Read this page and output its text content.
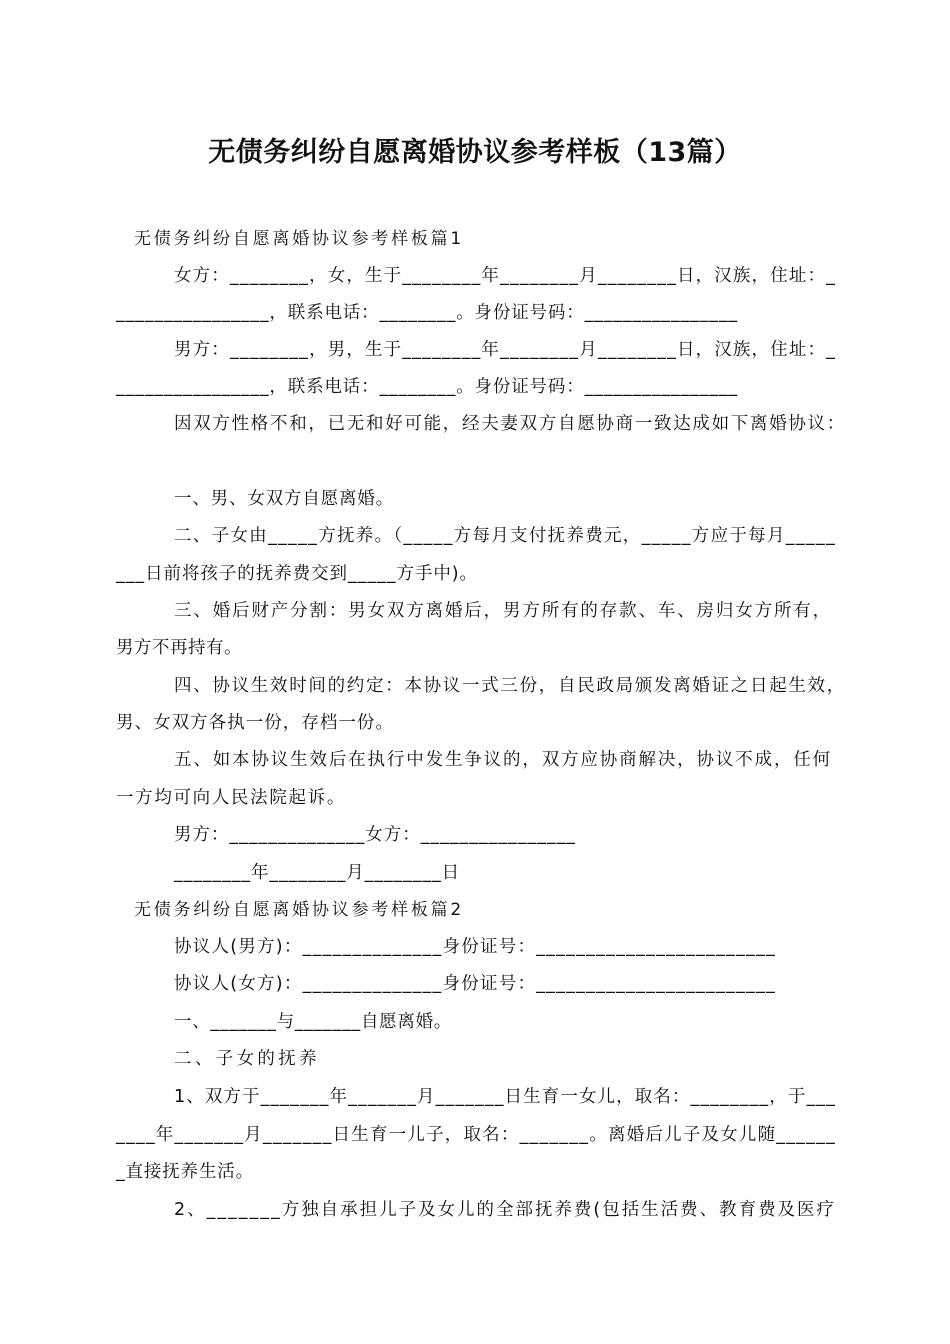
无债务纠纷自愿离婚协议参考样板（13篇）
无债务纠纷自愿离婚协议参考样板篇1
女方：________，女，生于________年________月________日，汉族，住址：_
________________，联系电话：________。身份证号码：________________
男方：________，男，生于________年________月________日，汉族，住址：_
________________，联系电话：________。身份证号码：________________
因双方性格不和，已无和好可能，经夫妻双方自愿协商一致达成如下离婚协议：
一、男、女双方自愿离婚。
二、子女由_____方抚养。（_____方每月支付抚养费元，_____方应于每月_____
___日前将孩子的抚养费交到_____方手中)。
三、婚后财产分割：男女双方离婚后，男方所有的存款、车、房归女方所有，
男方不再持有。
四、协议生效时间的约定：本协议一式三份，自民政局颁发离婚证之日起生效，
男、女双方各执一份，存档一份。
五、如本协议生效后在执行中发生争议的，双方应协商解决，协议不成，任何
一方均可向人民法院起诉。
男方：______________女方：________________
________年________月________日
无债务纠纷自愿离婚协议参考样板篇2
协议人(男方)：______________身份证号：________________________
协议人(女方)：______________身份证号：________________________
一、_______与_______自愿离婚。
二、子女的抚养
1、双方于_______年_______月_______日生育一女儿，取名：________，于___
____年_______月_______日生育一儿子，取名：_______。离婚后儿子及女儿随______
_直接抚养生活。
2、_______方独自承担儿子及女儿的全部抚养费(包括生活费、教育费及医疗
